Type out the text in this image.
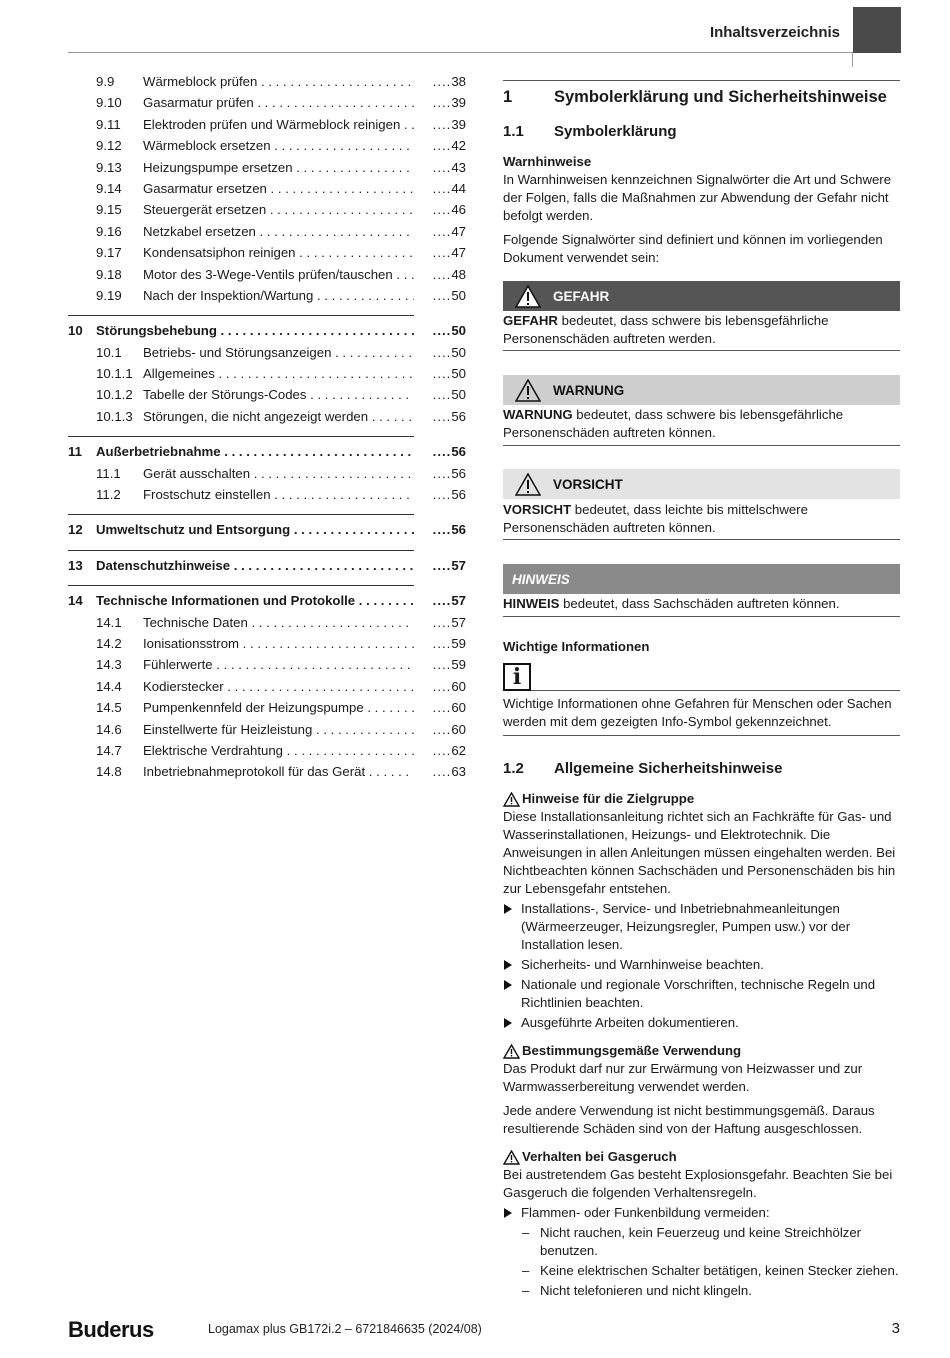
Inhaltsverzeichnis
9.9	Wärmeblock prüfen . . .	.... 38
9.10	Gasarmatur prüfen . . .	.... 39
9.11	Elektroden prüfen und Wärmeblock reinigen . . .	.... 39
9.12	Wärmeblock ersetzen . . .	.... 42
9.13	Heizungspumpe ersetzen . . .	.... 43
9.14	Gasarmatur ersetzen . . .	.... 44
9.15	Steuergerät ersetzen . . .	.... 46
9.16	Netzkabel ersetzen . . .	.... 47
9.17	Kondensatsiphon reinigen . . .	.... 47
9.18	Motor des 3-Wege-Ventils prüfen/tauschen . . .	.... 48
9.19	Nach der Inspektion/Wartung . . .	.... 50
10	Störungsbehebung . . .	.... 50
10.1	Betriebs- und Störungsanzeigen . . .	.... 50
10.1.1 Allgemeines . . .	.... 50
10.1.2 Tabelle der Störungs-Codes . . .	.... 50
10.1.3 Störungen, die nicht angezeigt werden . . .	.... 56
11	Außerbetriebnahme . . .	.... 56
11.1	Gerät ausschalten . . .	.... 56
11.2	Frostschutz einstellen . . .	.... 56
12	Umweltschutz und Entsorgung . . .	.... 56
13	Datenschutzhinweise . . .	.... 57
14	Technische Informationen und Protokolle . . .	.... 57
14.1	Technische Daten . . .	.... 57
14.2	Ionisationsstrom . . .	.... 59
14.3	Fühlerwerte . . .	.... 59
14.4	Kodierstecker . . .	.... 60
14.5	Pumpenkennfeld der Heizungspumpe . . .	.... 60
14.6	Einstellwerte für Heizleistung . . .	.... 60
14.7	Elektrische Verdrahtung . . .	.... 62
14.8	Inbetriebnahmeprotokoll für das Gerät . . .	.... 63
1	Symbolerklärung und Sicherheitshinweise
1.1 Symbolerklärung
Warnhinweise
In Warnhinweisen kennzeichnen Signalwörter die Art und Schwere der Folgen, falls die Maßnahmen zur Abwendung der Gefahr nicht befolgt werden.
Folgende Signalwörter sind definiert und können im vorliegenden Dokument verwendet sein:
GEFAHR
GEFAHR bedeutet, dass schwere bis lebensgefährliche Personenschäden auftreten werden.
WARNUNG
WARNUNG bedeutet, dass schwere bis lebensgefährliche Personenschäden auftreten können.
VORSICHT
VORSICHT bedeutet, dass leichte bis mittelschwere Personenschäden auftreten können.
HINWEIS
HINWEIS bedeutet, dass Sachschäden auftreten können.
Wichtige Informationen
i
Wichtige Informationen ohne Gefahren für Menschen oder Sachen werden mit dem gezeigten Info-Symbol gekennzeichnet.
1.2 Allgemeine Sicherheitshinweise
Hinweise für die Zielgruppe
Diese Installationsanleitung richtet sich an Fachkräfte für Gas- und Wasserinstallationen, Heizungs- und Elektrotechnik. Die Anweisungen in allen Anleitungen müssen eingehalten werden. Bei Nichtbeachten können Sachschäden und Personenschäden bis hin zur Lebensgefahr entstehen.
Installations-, Service- und Inbetriebnahmeanleitungen (Wärmeerzeuger, Heizungsregler, Pumpen usw.) vor der Installation lesen.
Sicherheits- und Warnhinweise beachten.
Nationale und regionale Vorschriften, technische Regeln und Richtlinien beachten.
Ausgeführte Arbeiten dokumentieren.
Bestimmungsgemäße Verwendung
Das Produkt darf nur zur Erwärmung von Heizwasser und zur Warmwasserbereitung verwendet werden.
Jede andere Verwendung ist nicht bestimmungsgemäß. Daraus resultierende Schäden sind von der Haftung ausgeschlossen.
Verhalten bei Gasgeruch
Bei austretendem Gas besteht Explosionsgefahr. Beachten Sie bei Gasgeruch die folgenden Verhaltensregeln.
Flammen- oder Funkenbildung vermeiden:
– Nicht rauchen, kein Feuerzeug und keine Streichhölzer benutzen.
– Keine elektrischen Schalter betätigen, keinen Stecker ziehen.
– Nicht telefonieren und nicht klingeln.
Buderus	Logamax plus GB172i.2 – 6721846635 (2024/08)	3
